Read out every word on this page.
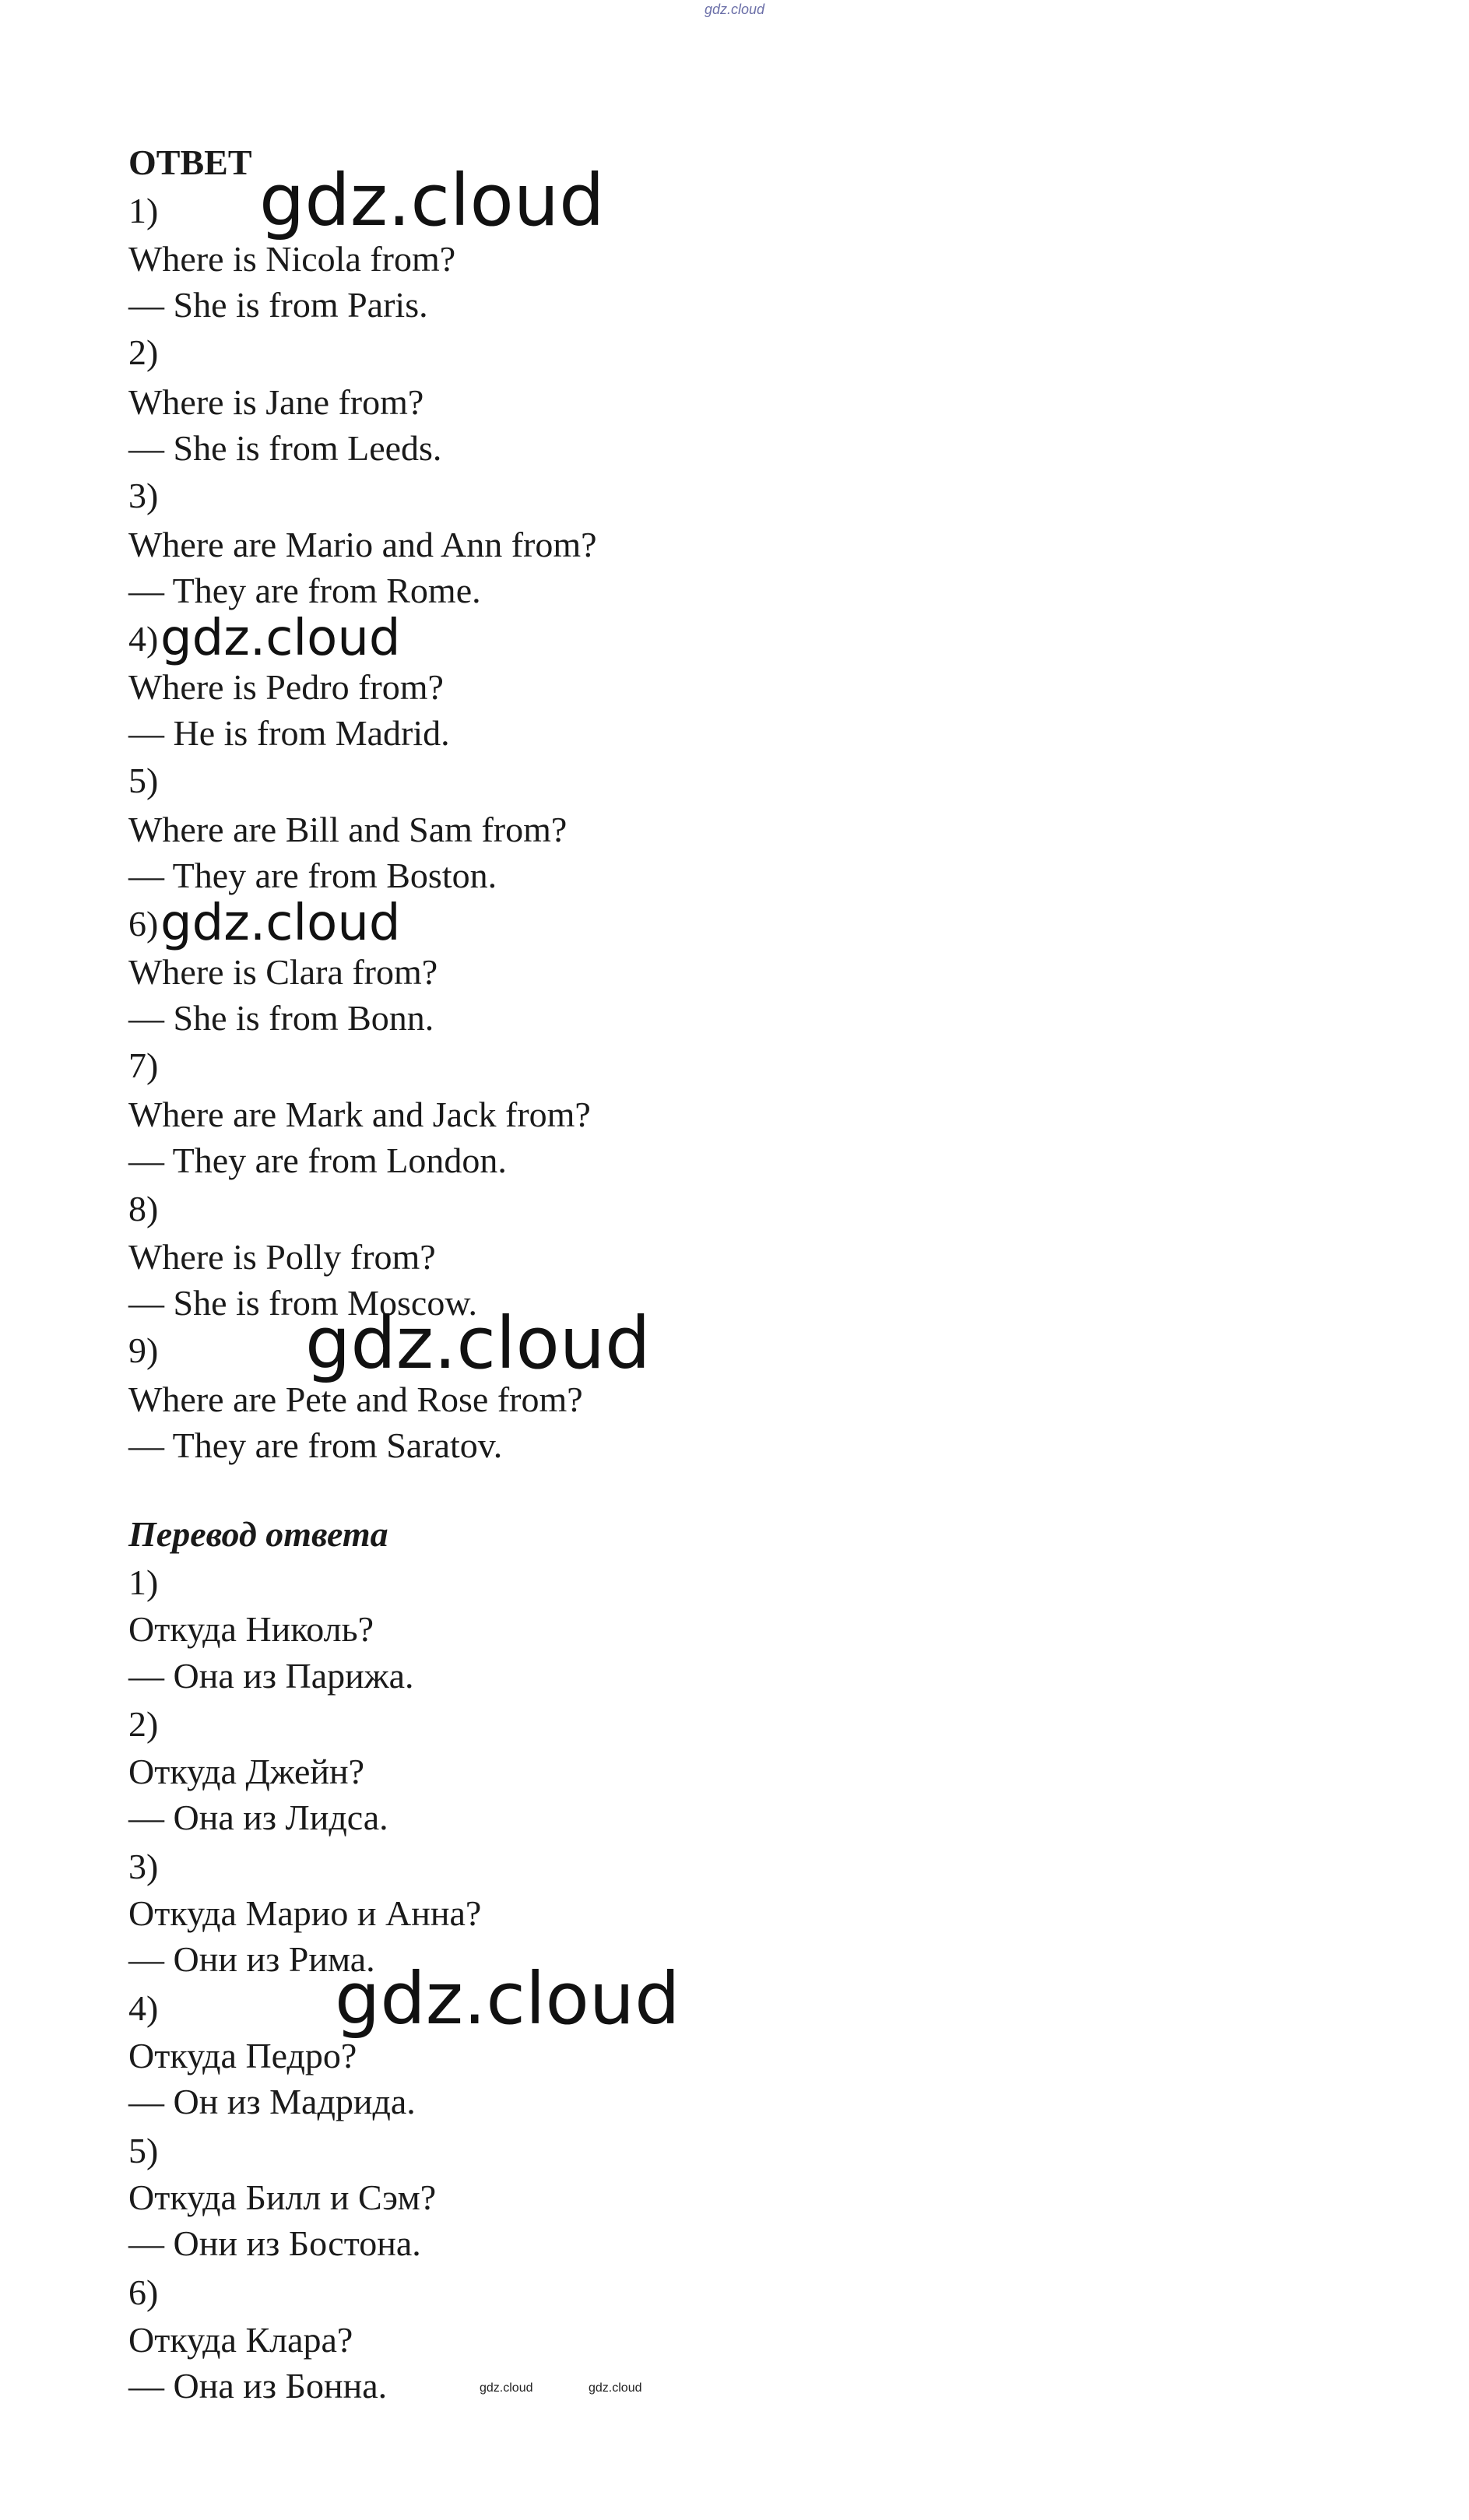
gdz.cloud
ОТВЕТ
1)
Where is Nicola from?
— She is from Paris.
2)
Where is Jane from?
— She is from Leeds.
3)
Where are Mario and Ann from?
— They are from Rome.
4)
Where is Pedro from?
— He is from Madrid.
5)
Where are Bill and Sam from?
— They are from Boston.
6)
Where is Clara from?
— She is from Bonn.
7)
Where are Mark and Jack from?
— They are from London.
8)
Where is Polly from?
— She is from Moscow.
9)
Where are Pete and Rose from?
— They are from Saratov.
Перевод ответа
1)
Откуда Николь?
— Она из Парижа.
2)
Откуда Джейн?
— Она из Лидса.
3)
Откуда Марио и Анна?
— Они из Рима.
4)
Откуда Педро?
— Он из Мадрида.
5)
Откуда Билл и Сэм?
— Они из Бостона.
6)
Откуда Клара?
— Она из Бонна.
gdz.cloud
gdz.cloud
gdz.cloud
gdz.cloud
gdz.cloud
gdz.cloud	gdz.cloud
